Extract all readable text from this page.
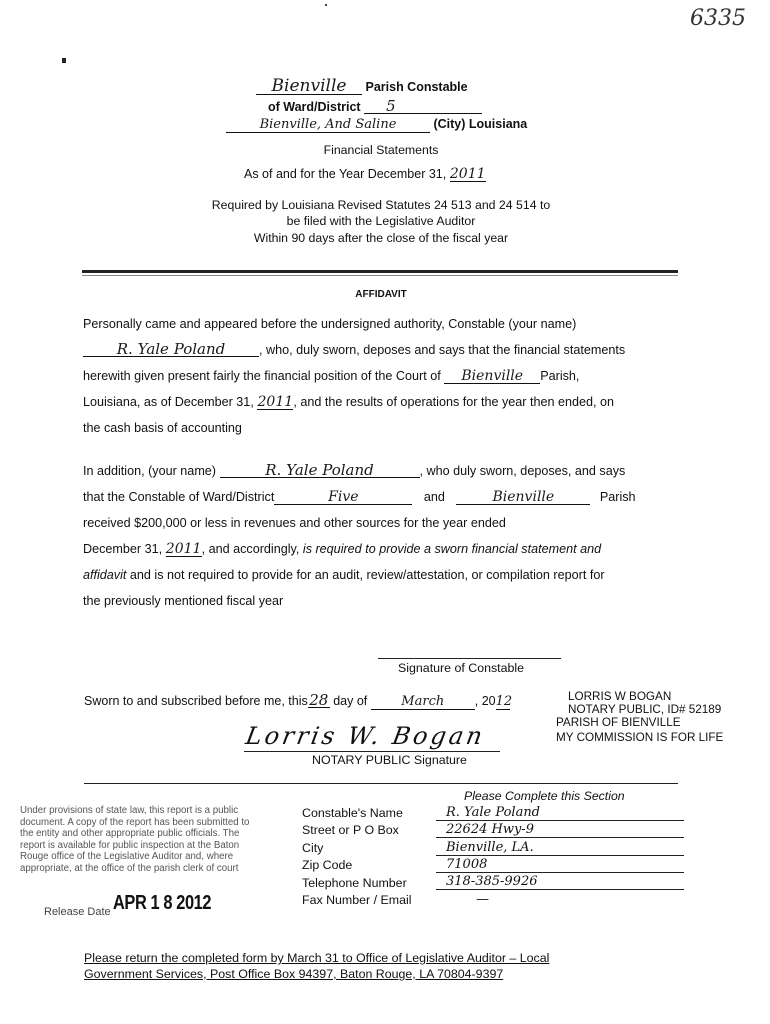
6335
Bienville Parish Constable
of Ward/District 5
Bienville, And Saline	(City) Louisiana
Financial Statements
As of and for the Year December 31, 2011
Required by Louisiana Revised Statutes 24 513 and 24 514 to
be filed with the Legislative Auditor
Within 90 days after the close of the fiscal year
AFFIDAVIT
Personally came and appeared before the undersigned authority, Constable (your name)
R. Yale Poland	, who, duly sworn, deposes and says that the financial statements
herewith given present fairly the financial position of the Court of Bienville Parish,
Louisiana, as of December 31, 2011, and the results of operations for the year then ended, on
the cash basis of accounting
In addition, (your name)	R. Yale Poland	, who duly sworn, deposes, and says
that the Constable of Ward/District	Five	and	Bienville	Parish
received $200,000 or less in revenues and other sources for the year ended
December 31, 2011, and accordingly, is required to provide a sworn financial statement and
affidavit and is not required to provide for an audit, review/attestation, or compilation report for
the previously mentioned fiscal year
Signature of Constable
Sworn to and subscribed before me, this28 day of	March , 2012	LORRIS W BOGAN
NOTARY PUBLIC, ID# 52189
PARISH OF BIENVILLE
MY COMMISSION IS FOR LIFE
Lorris W. Bogan
NOTARY PUBLIC Signature
Please Complete this Section
Constable's Name	R. Yale Poland
Street or P O Box	22624 Hwy-9
City	Bienville, LA.
Zip Code	71008
Telephone Number	318-385-9926
Fax Number / Email	—
Under provisions of state law, this report is a public
document. A copy of the report has been submitted to
the entity and other appropriate public officials. The
report is available for public inspection at the Baton
Rouge office of the Legislative Auditor and, where
appropriate, at the office of the parish clerk of court
Release Date APR 1 8 2012
Please return the completed form by March 31 to Office of Legislative Auditor – Local
Government Services, Post Office Box 94397, Baton Rouge, LA 70804-9397
